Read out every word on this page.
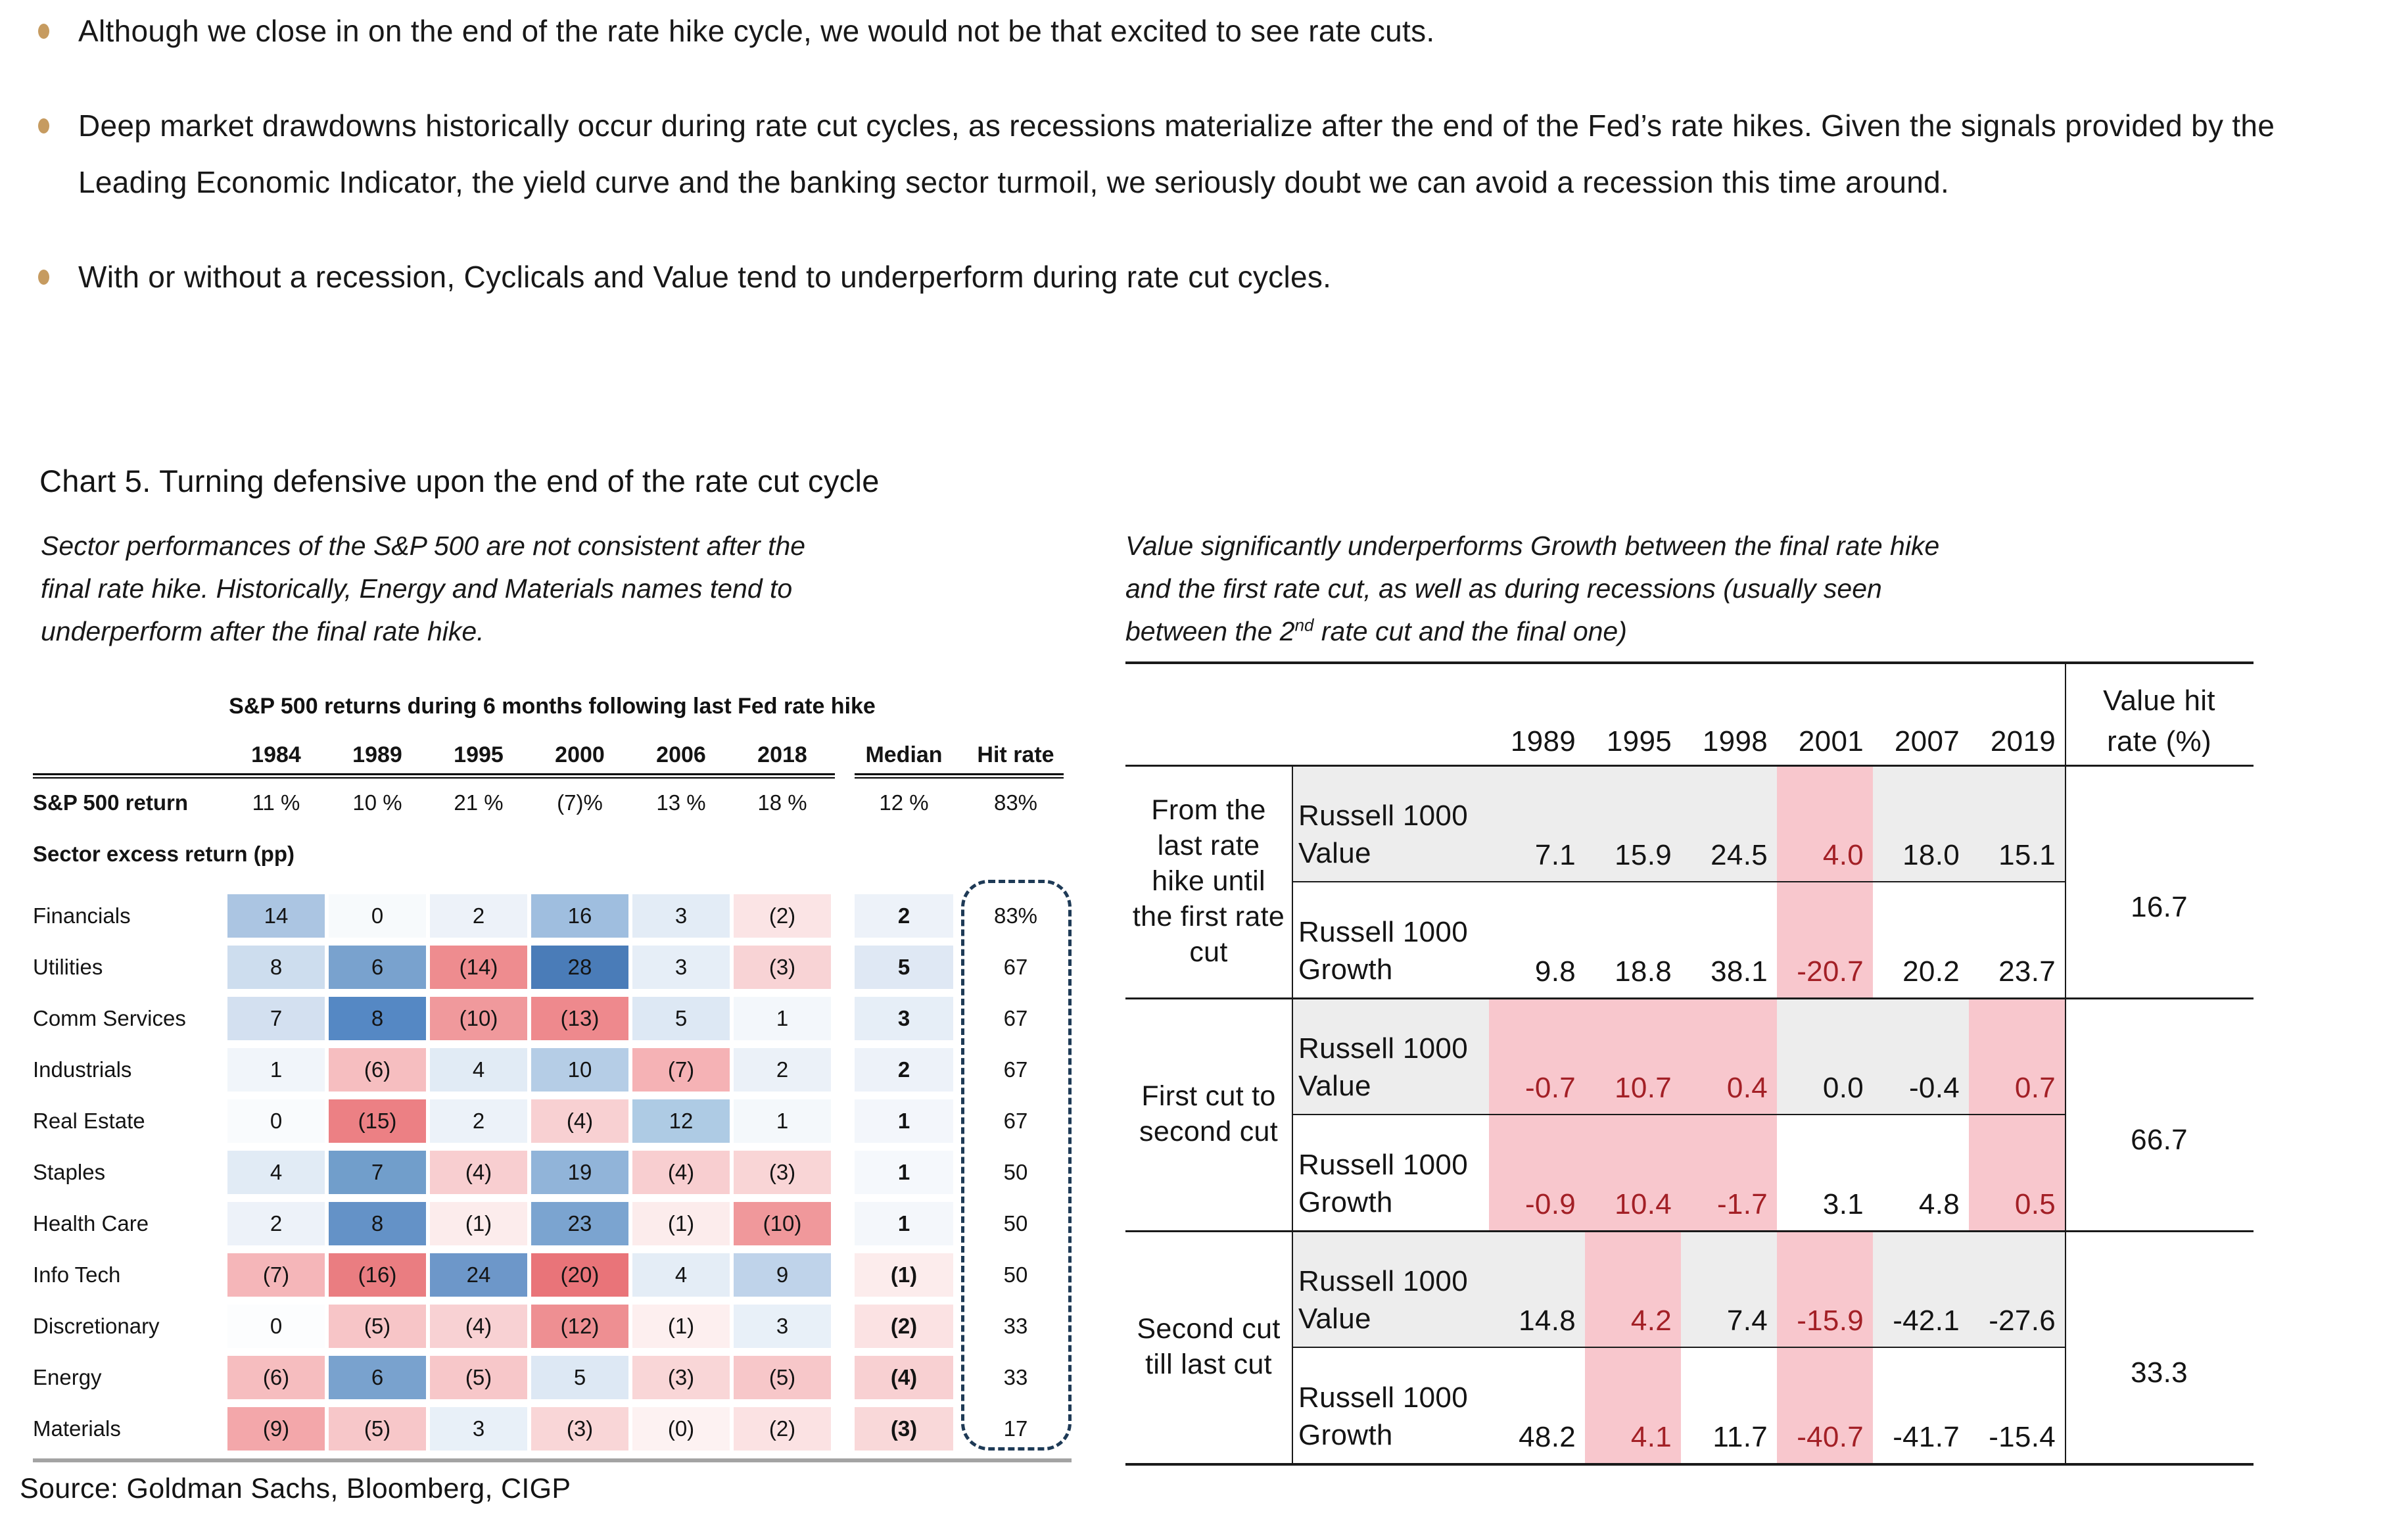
Although we close in on the end of the rate hike cycle, we would not be that excited to see rate cuts.
Deep market drawdowns historically occur during rate cut cycles, as recessions materialize after the end of the Fed’s rate hikes. Given the signals provided by the Leading Economic Indicator, the yield curve and the banking sector turmoil, we seriously doubt we can avoid a recession this time around.
With or without a recession, Cyclicals and Value tend to underperform during rate cut cycles.
Chart 5. Turning defensive upon the end of the rate cut cycle
Sector performances of the S&P 500 are not consistent after the
final rate hike. Historically, Energy and Materials names tend to
underperform after the final rate hike.
Value significantly underperforms Growth between the final rate hike
and the first rate cut, as well as during recessions (usually seen
between the 2nd rate cut and the final one)
S&P 500 returns during 6 months following last Fed rate hike
1984	1989	1995	2000	2006	2018	Median	Hit rate
S&P 500 return	11 %	10 %	21 %	(7)%	13 %	18 %	12 %	83%
Sector excess return (pp)
Financials	14	0	2	16	3	(2)	2	83%
Utilities	8	6	(14)	28	3	(3)	5	67
Comm Services	7	8	(10)	(13)	5	1	3	67
Industrials	1	(6)	4	10	(7)	2	2	67
Real Estate	0	(15)	2	(4)	12	1	1	67
Staples	4	7	(4)	19	(4)	(3)	1	50
Health Care	2	8	(1)	23	(1)	(10)	1	50
Info Tech	(7)	(16)	24	(20)	4	9	(1)	50
Discretionary	0	(5)	(4)	(12)	(1)	3	(2)	33
Energy	(6)	6	(5)	5	(3)	(5)	(4)	33
Materials	(9)	(5)	3	(3)	(0)	(2)	(3)	17
1989	1995	1998	2001	2007	2019
Value hit
rate (%)
From the
last rate
hike until
the first rate
cut
Russell 1000
Value	7.1	15.9	24.5	4.0	18.0	15.1
Russell 1000
Growth	9.8	18.8	38.1	-20.7	20.2	23.7
16.7
First cut to
second cut
Russell 1000
Value	-0.7	10.7	0.4	0.0	-0.4	0.7
Russell 1000
Growth	-0.9	10.4	-1.7	3.1	4.8	0.5
66.7
Second cut
till last cut
Russell 1000
Value	14.8	4.2	7.4	-15.9	-42.1	-27.6
Russell 1000
Growth	48.2	4.1	11.7	-40.7	-41.7	-15.4
33.3
Source: Goldman Sachs, Bloomberg, CIGP
